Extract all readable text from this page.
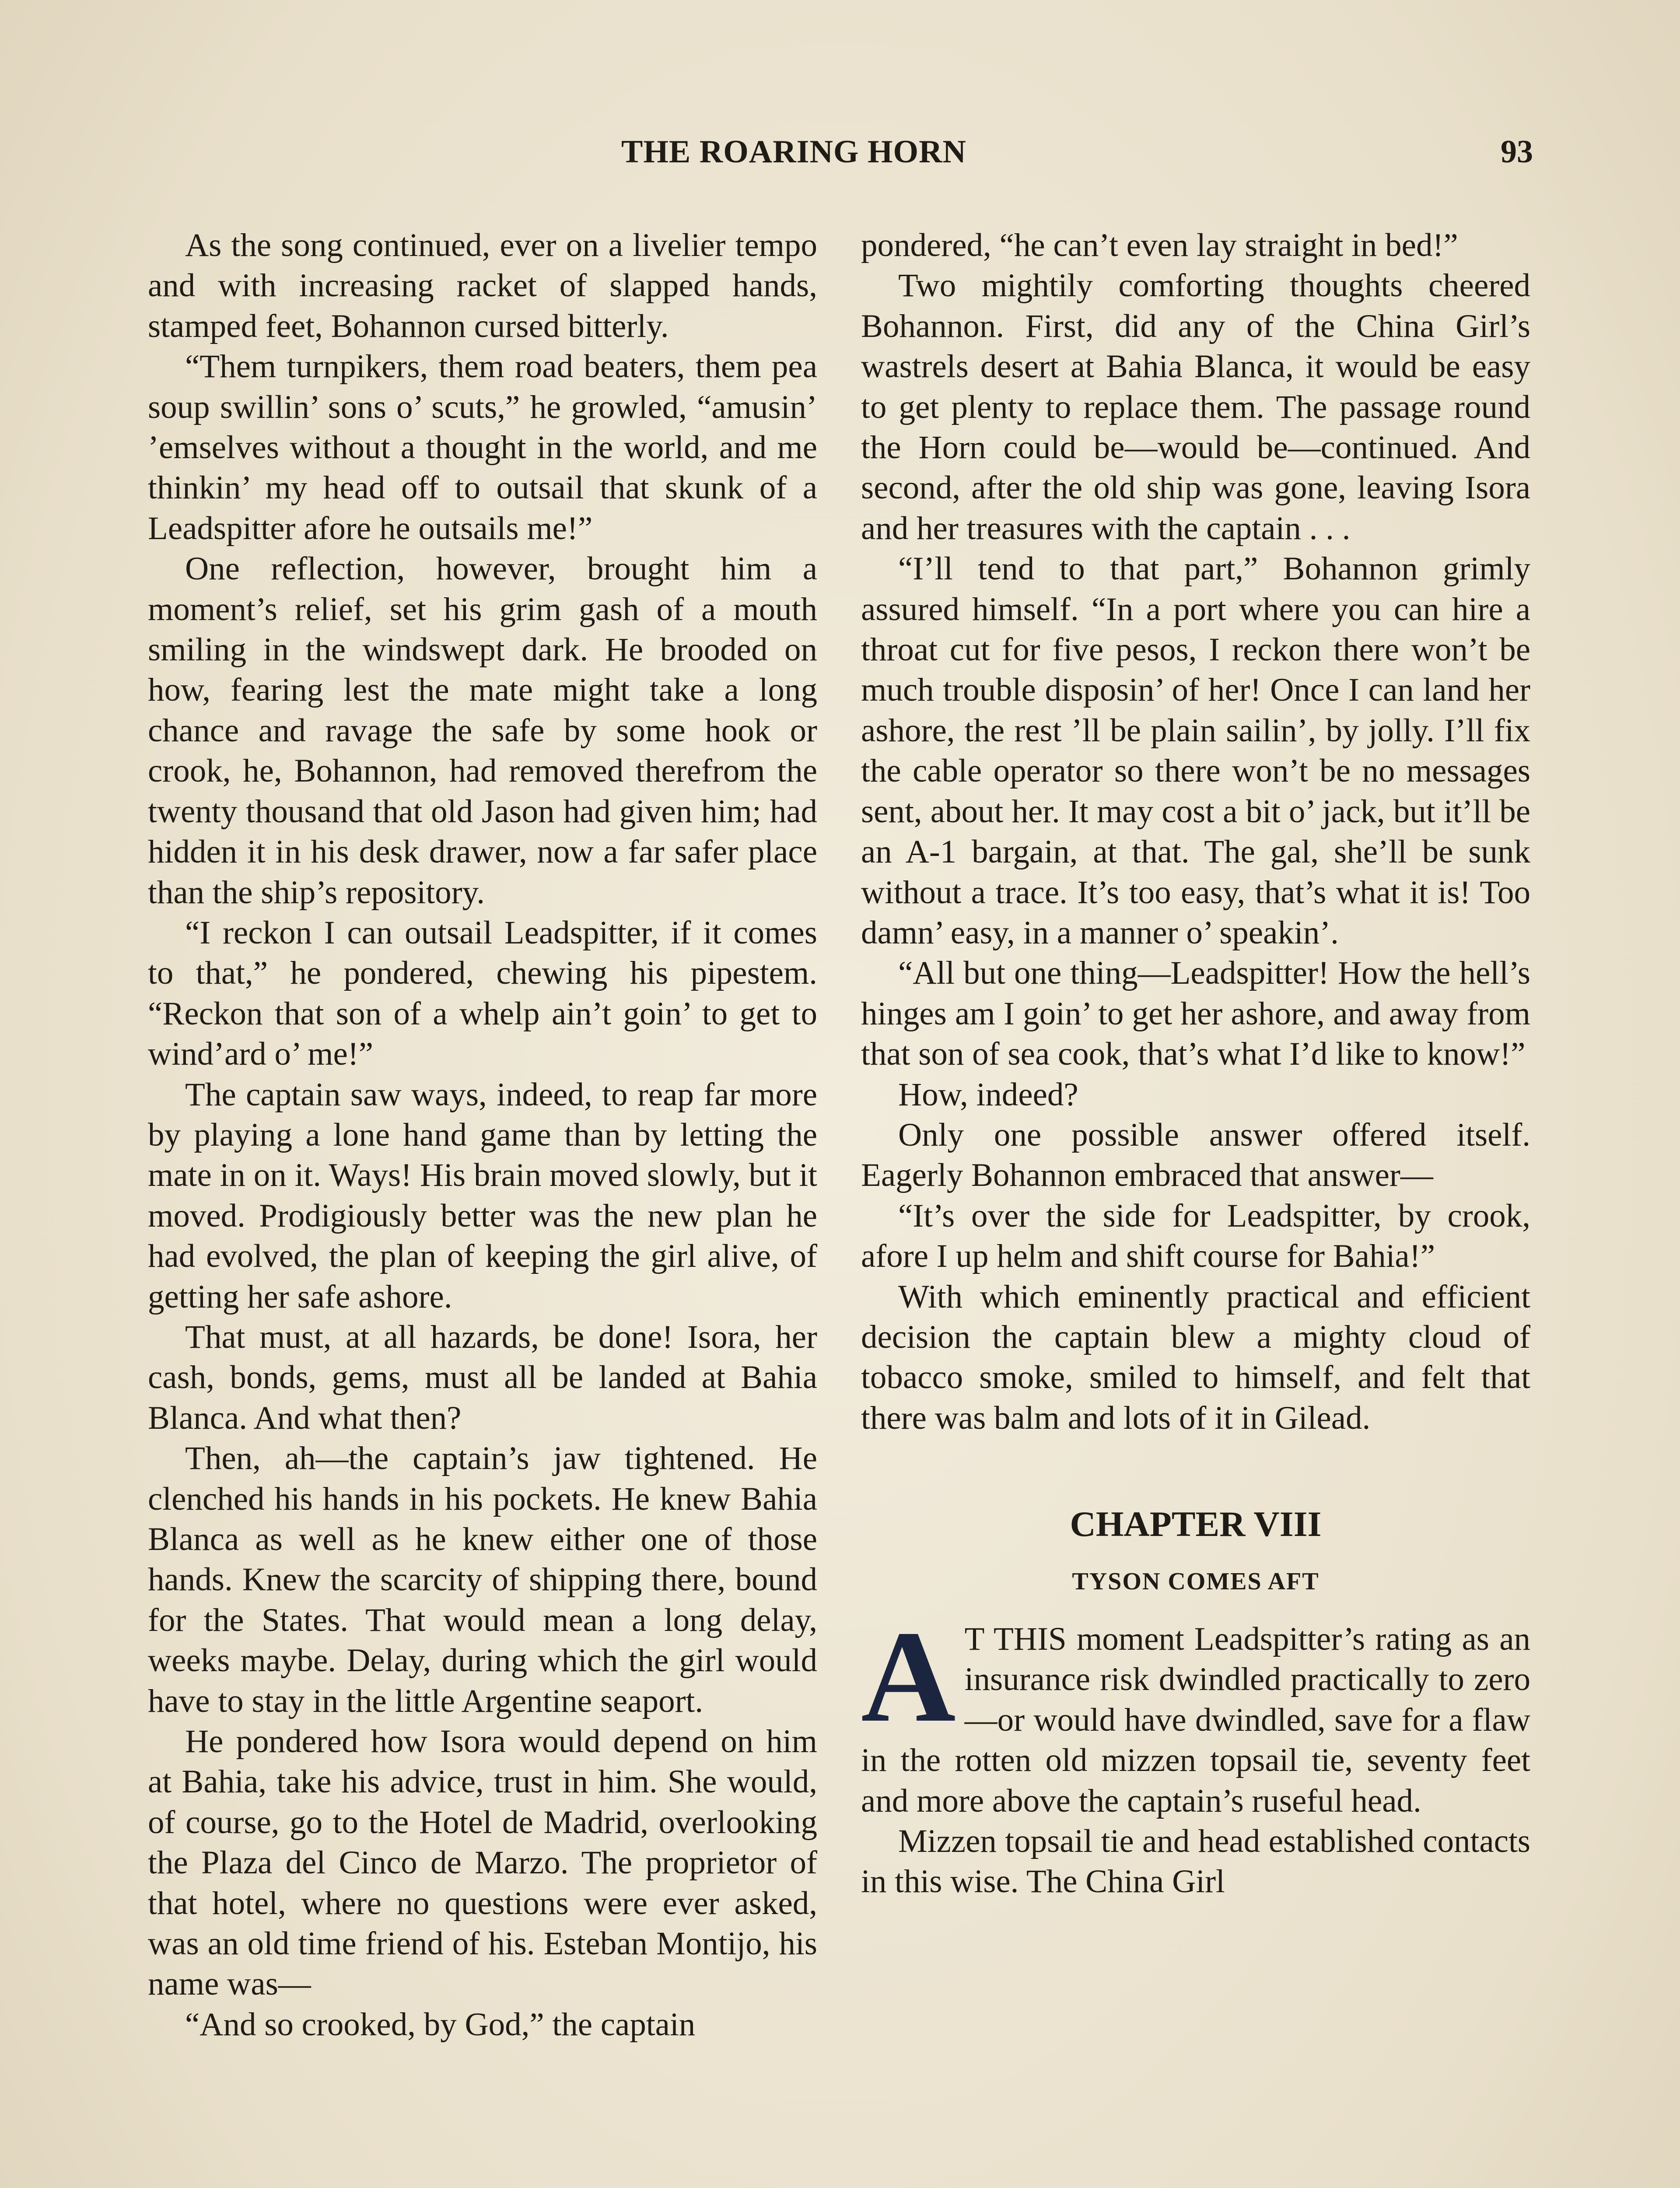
THE ROARING HORN	93

As the song continued, ever on a livelier tempo and with increasing racket of slapped hands, stamped feet, Bohannon cursed bitterly.

“Them turnpikers, them road beaters, them pea soup swillin’ sons o’ scuts,” he growled, “amusin’ ’emselves without a thought in the world, and me thinkin’ my head off to outsail that skunk of a Leadspitter afore he outsails me!”

One reflection, however, brought him a moment’s relief, set his grim gash of a mouth smiling in the windswept dark. He brooded on how, fearing lest the mate might take a long chance and ravage the safe by some hook or crook, he, Bohannon, had removed therefrom the twenty thousand that old Jason had given him; had hidden it in his desk drawer, now a far safer place than the ship’s repository.

“I reckon I can outsail Leadspitter, if it comes to that,” he pondered, chewing his pipestem. “Reckon that son of a whelp ain’t goin’ to get to wind’ard o’ me!”

The captain saw ways, indeed, to reap far more by playing a lone hand game than by letting the mate in on it. Ways! His brain moved slowly, but it moved. Prodigiously better was the new plan he had evolved, the plan of keeping the girl alive, of getting her safe ashore.

That must, at all hazards, be done! Isora, her cash, bonds, gems, must all be landed at Bahia Blanca. And what then?

Then, ah—the captain’s jaw tightened. He clenched his hands in his pockets. He knew Bahia Blanca as well as he knew either one of those hands. Knew the scarcity of shipping there, bound for the States. That would mean a long delay, weeks maybe. Delay, during which the girl would have to stay in the little Argentine seaport.

He pondered how Isora would depend on him at Bahia, take his advice, trust in him. She would, of course, go to the Hotel de Madrid, overlooking the Plaza del Cinco de Marzo. The proprietor of that hotel, where no questions were ever asked, was an old time friend of his. Esteban Montijo, his name was—

“And so crooked, by God,” the captain

pondered, “he can’t even lay straight in bed!”

Two mightily comforting thoughts cheered Bohannon. First, did any of the China Girl’s wastrels desert at Bahia Blanca, it would be easy to get plenty to replace them. The passage round the Horn could be—would be—continued. And second, after the old ship was gone, leaving Isora and her treasures with the captain . . .

“I’ll tend to that part,” Bohannon grimly assured himself. “In a port where you can hire a throat cut for five pesos, I reckon there won’t be much trouble disposin’ of her! Once I can land her ashore, the rest ’ll be plain sailin’, by jolly. I’ll fix the cable operator so there won’t be no messages sent, about her. It may cost a bit o’ jack, but it’ll be an A-1 bargain, at that. The gal, she’ll be sunk without a trace. It’s too easy, that’s what it is! Too damn’ easy, in a manner o’ speakin’.

“All but one thing—Leadspitter! How the hell’s hinges am I goin’ to get her ashore, and away from that son of sea cook, that’s what I’d like to know!”

How, indeed?

Only one possible answer offered itself. Eagerly Bohannon embraced that answer—

“It’s over the side for Leadspitter, by crook, afore I up helm and shift course for Bahia!”

With which eminently practical and efficient decision the captain blew a mighty cloud of tobacco smoke, smiled to himself, and felt that there was balm and lots of it in Gilead.

CHAPTER VIII
TYSON COMES AFT

A T THIS moment Leadspitter’s rating as an insurance risk dwindled practically to zero—or would have dwindled, save for a flaw in the rotten old mizzen topsail tie, seventy feet and more above the captain’s ruseful head.

Mizzen topsail tie and head established contacts in this wise. The China Girl
